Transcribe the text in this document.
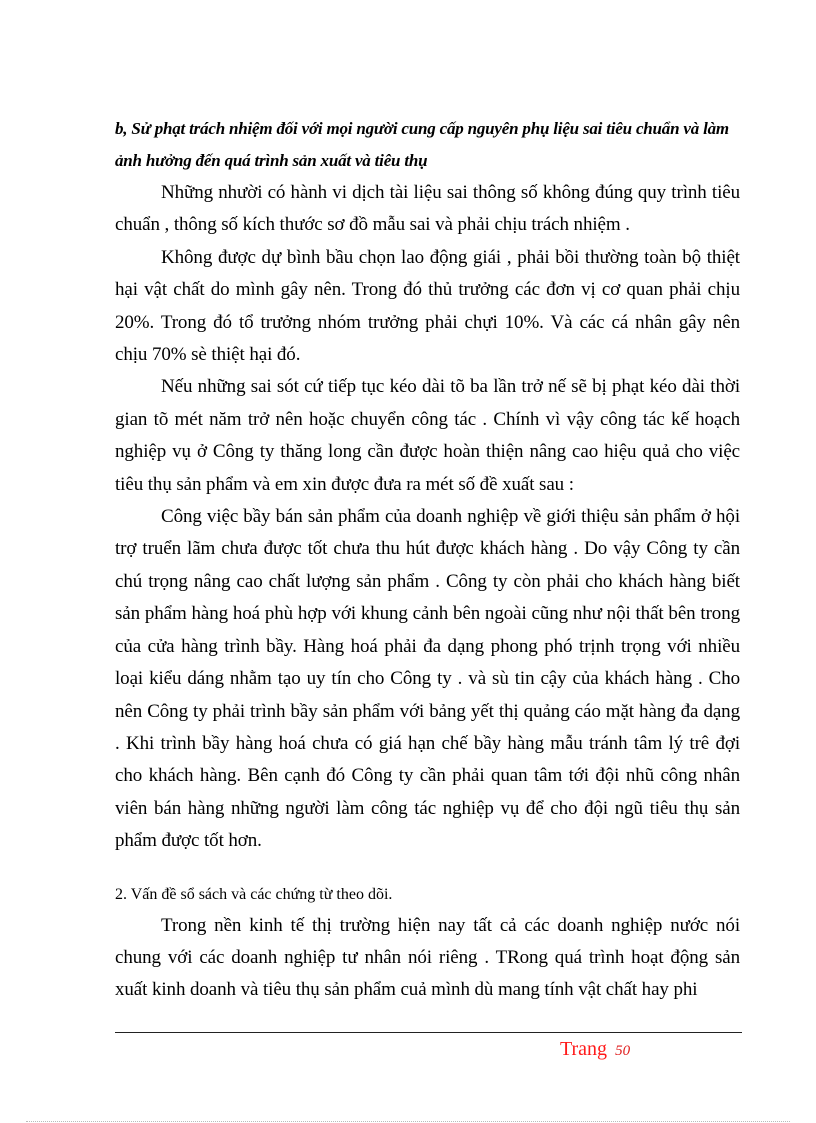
b, Sử phạt trách nhiệm đối với mọi người cung cấp nguyên phụ liệu sai tiêu chuẩn và làm ảnh hưởng đến quá trình sản xuất và tiêu thụ

Những nhười có hành vi dịch tài liệu sai thông số không đúng quy trình tiêu chuẩn , thông số kích thước sơ đồ mẫu sai và phải chịu trách nhiệm .

Không được dự bình bầu chọn lao động giái , phải bồi thường toàn bộ thiệt hại vật chất do mình gây nên. Trong đó thủ trưởng các đơn vị cơ quan phải chịu 20%. Trong đó tổ trưởng nhóm trưởng phải chựi 10%. Và các cá nhân gây nên chịu 70% sè thiệt hại đó.

Nếu những sai sót cứ tiếp tục kéo dài tõ ba lần trở nế sẽ bị phạt kéo dài thời gian tõ mét năm trở nên hoặc chuyển công tác . Chính vì vậy công tác kế hoạch nghiệp vụ ở Công ty thăng long cần được hoàn thiện nâng cao hiệu quả cho việc tiêu thụ sản phẩm và em xin được đưa ra mét số đề xuất sau :

Công việc bầy bán sản phẩm của doanh nghiệp về giới thiệu sản phẩm ở hội trợ truển lãm chưa được tốt chưa thu hút được khách hàng . Do vậy Công ty cần chú trọng nâng cao chất lượng sản phẩm . Công ty còn phải cho khách hàng biết sản phẩm hàng hoá phù hợp với khung cảnh bên ngoài cũng như nội thất bên trong của cửa hàng trình bầy. Hàng hoá phải đa dạng phong phó trịnh trọng với nhiều loại kiểu dáng nhằm tạo uy tín cho Công ty . và sù tin cậy của khách hàng . Cho nên Công ty phải trình bầy sản phẩm với bảng yết thị quảng cáo mặt hàng đa dạng . Khi trình bầy hàng hoá chưa có giá hạn chế bầy hàng mẫu tránh tâm lý trê đợi cho khách hàng. Bên cạnh đó Công ty cần phải quan tâm tới đội nhũ công nhân viên bán hàng những người làm công tác nghiệp vụ để cho đội ngũ tiêu thụ sản phẩm được tốt hơn.

2. Vấn đề sổ sách và các chứng từ theo dõi.

Trong nền kinh tế thị trường hiện nay tất cả các doanh nghiệp nước nói chung với các doanh nghiệp tư nhân nói riêng . TRong quá trình hoạt động sản xuất kinh doanh và tiêu thụ sản phẩm cuả mình dù mang tính vật chất hay phi

Trang 50
